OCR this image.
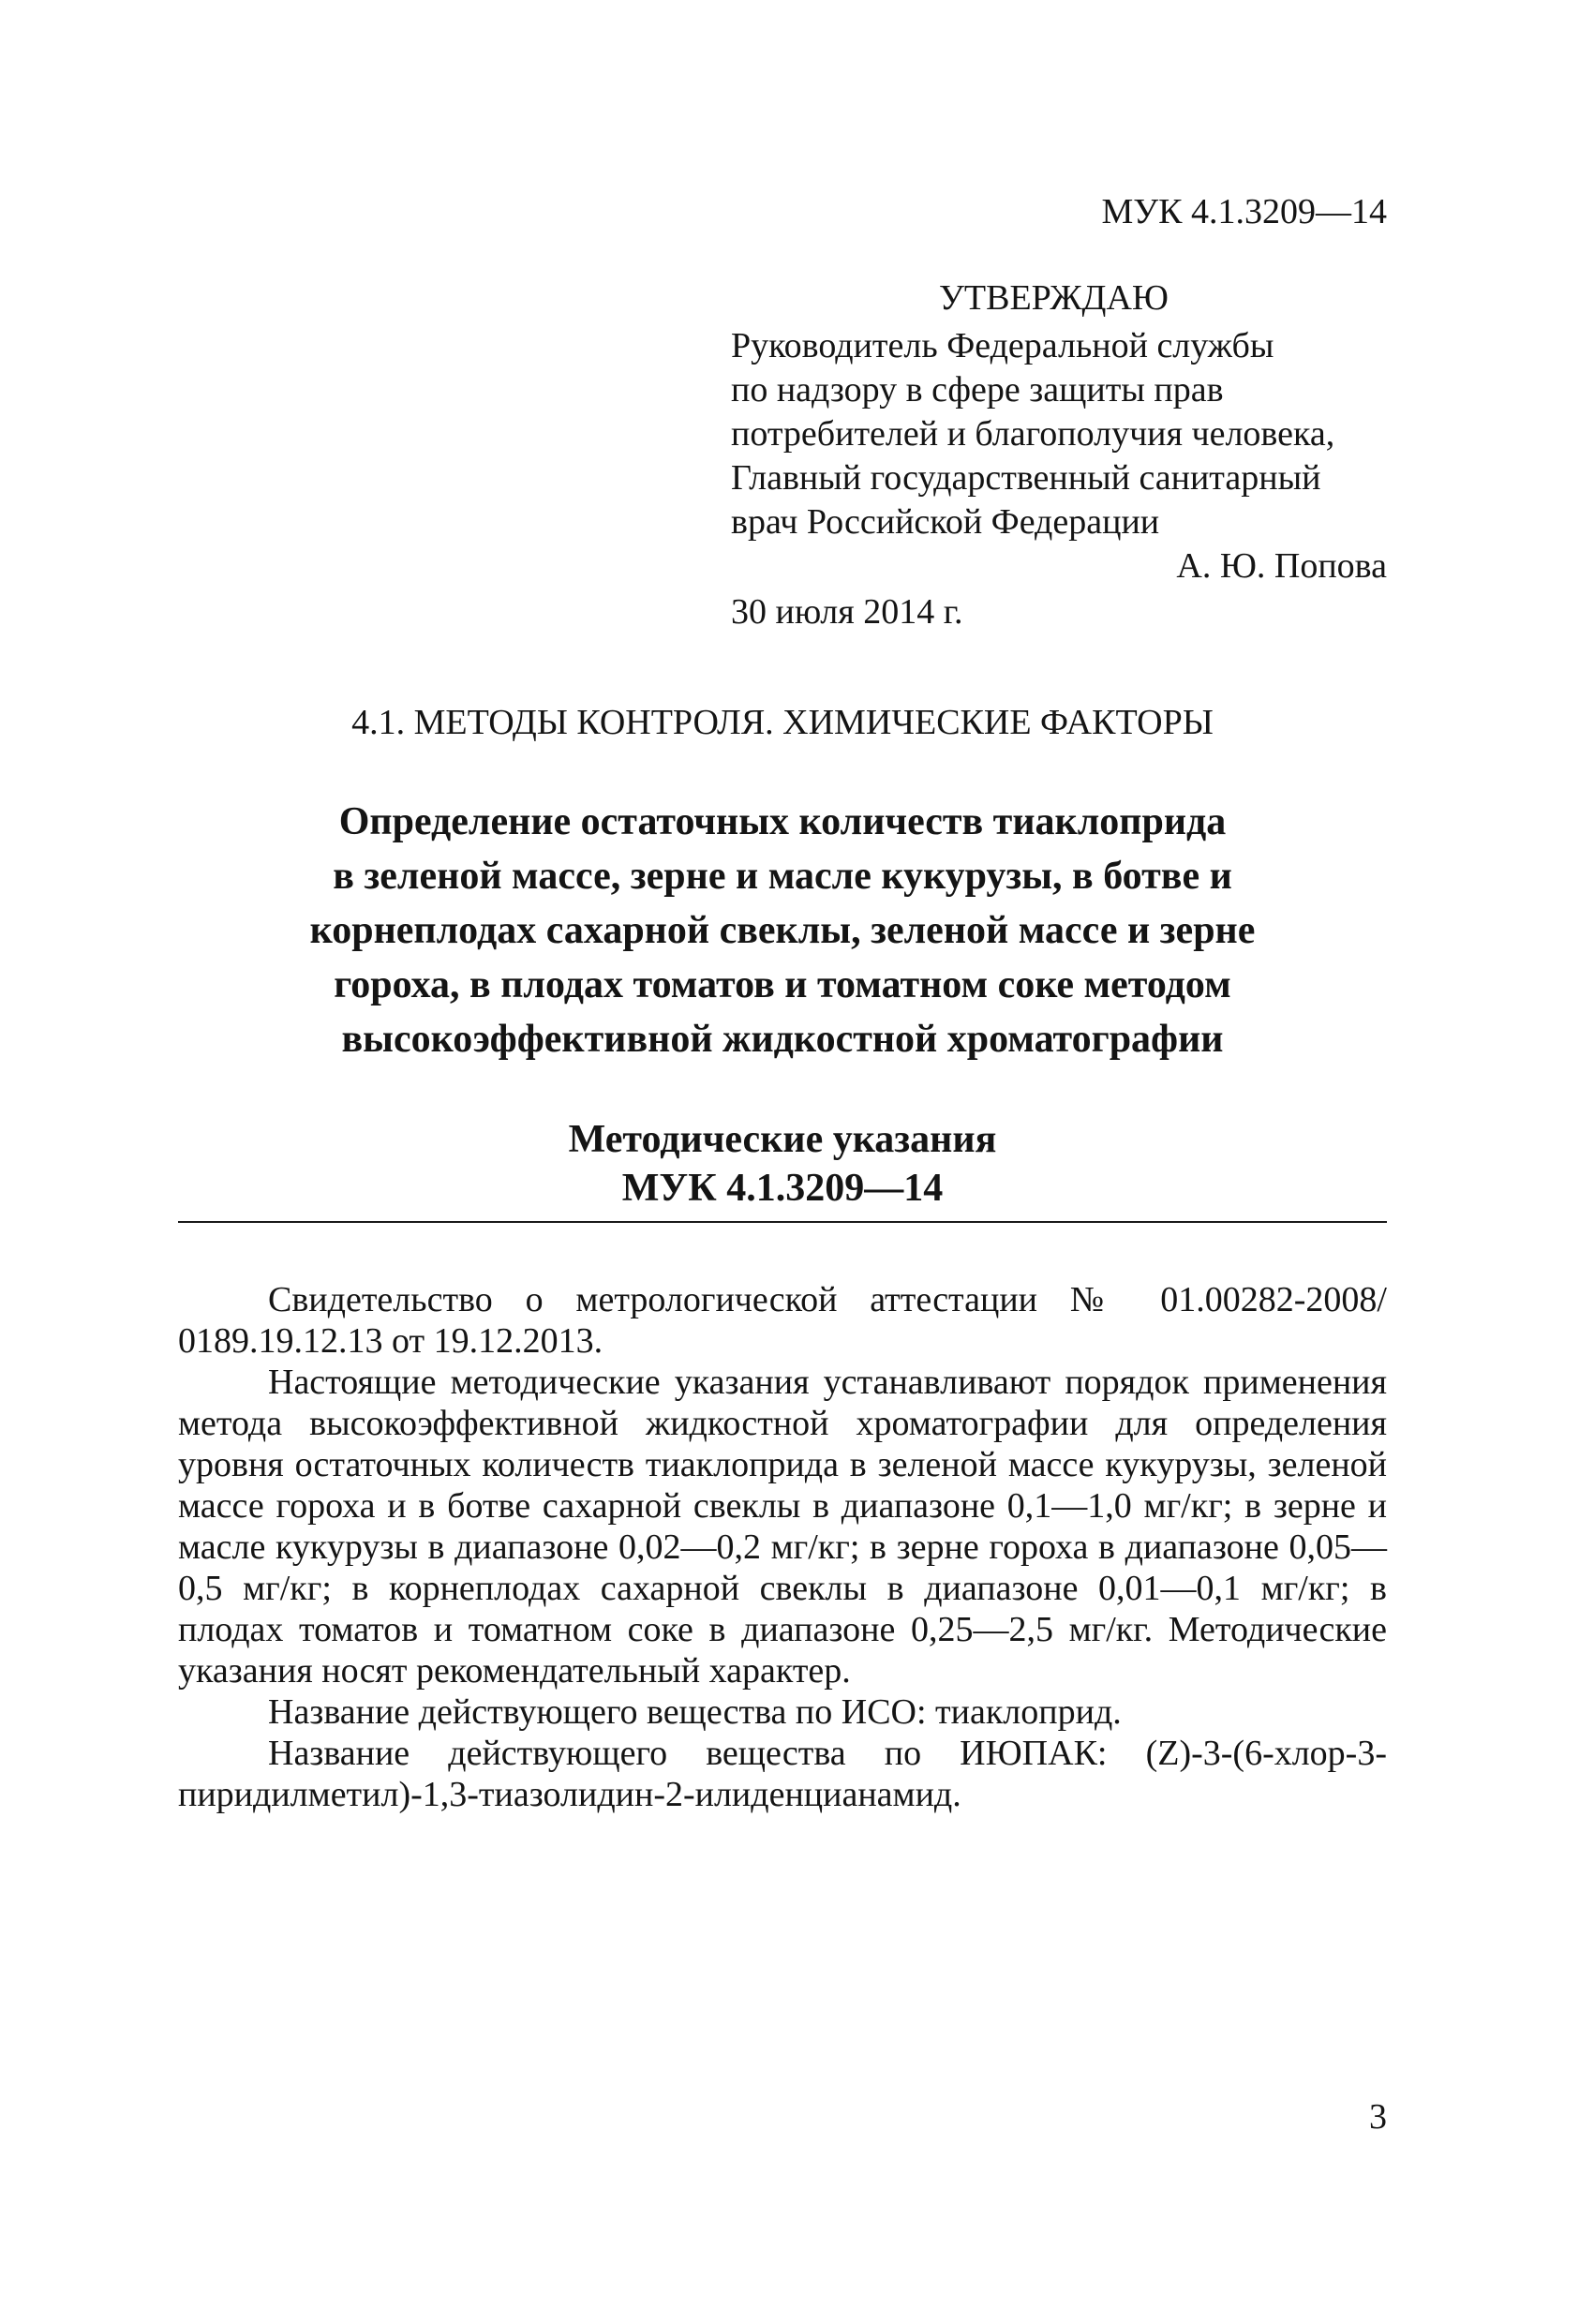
МУК 4.1.3209—14
УТВЕРЖДАЮ
Руководитель Федеральной службы
по надзору в сфере защиты прав
потребителей и благополучия человека,
Главный государственный санитарный
врач Российской Федерации
А. Ю. Попова
30 июля 2014 г.
4.1. МЕТОДЫ КОНТРОЛЯ. ХИМИЧЕСКИЕ ФАКТОРЫ
Определение остаточных количеств тиаклоприда
в зеленой массе, зерне и масле кукурузы, в ботве и
корнеплодах сахарной свеклы, зеленой массе и зерне
гороха, в плодах томатов и томатном соке методом
высокоэффективной жидкостной хроматографии
Методические указания
МУК 4.1.3209—14

Свидетельство о метрологической аттестации № 01.00282-2008/ 0189.19.12.13 от 19.12.2013.

Настоящие методические указания устанавливают порядок применения метода высокоэффективной жидкостной хроматографии для определения уровня остаточных количеств тиаклоприда в зеленой массе кукурузы, зеленой массе гороха и в ботве сахарной свеклы в диапазоне 0,1—1,0 мг/кг; в зерне и масле кукурузы в диапазоне 0,02—0,2 мг/кг; в зерне гороха в диапазоне 0,05—0,5 мг/кг; в корнеплодах сахарной свеклы в диапазоне 0,01—0,1 мг/кг; в плодах томатов и томатном соке в диапазоне 0,25—2,5 мг/кг. Методические указания носят рекомендательный характер.

Название действующего вещества по ИСО: тиаклоприд.

Название действующего вещества по ИЮПАК: (Z)-3-(6-хлор-3-пиридилметил)-1,3-тиазолидин-2-илиденцианамид.

3
